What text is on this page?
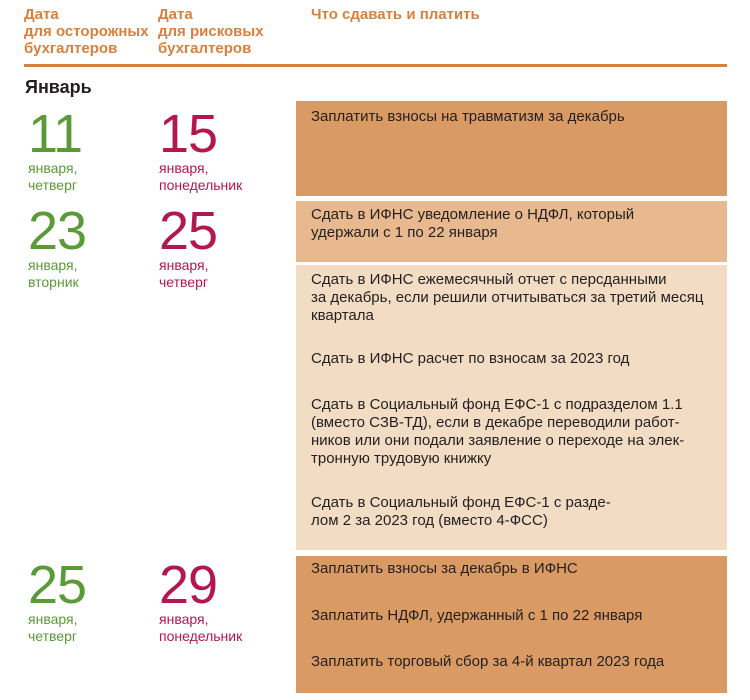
Дата
для осторожных
бухгалтеров
Дата
для рисковых
бухгалтеров
Что сдавать и платить
Январь
11
января,
четверг
15
января,
понедельник
23
января,
вторник
25
января,
четверг
25
января,
четверг
29
января,
понедельник
Заплатить взносы на травматизм за декабрь
Сдать в ИФНС уведомление о НДФЛ, который
удержали с 1 по 22 января
Сдать в ИФНС ежемесячный отчет с персданными
за декабрь, если решили отчитываться за третий месяц
квартала
Сдать в ИФНС расчет по взносам за 2023 год
Сдать в Социальный фонд ЕФС-1 с подразделом 1.1
(вместо СЗВ-ТД), если в декабре переводили работ-
ников или они подали заявление о переходе на элек-
тронную трудовую книжку
Сдать в Социальный фонд ЕФС-1 с разде-
лом 2 за 2023 год (вместо 4-ФСС)
Заплатить взносы за декабрь в ИФНС
Заплатить НДФЛ, удержанный с 1 по 22 января
Заплатить торговый сбор за 4-й квартал 2023 года
